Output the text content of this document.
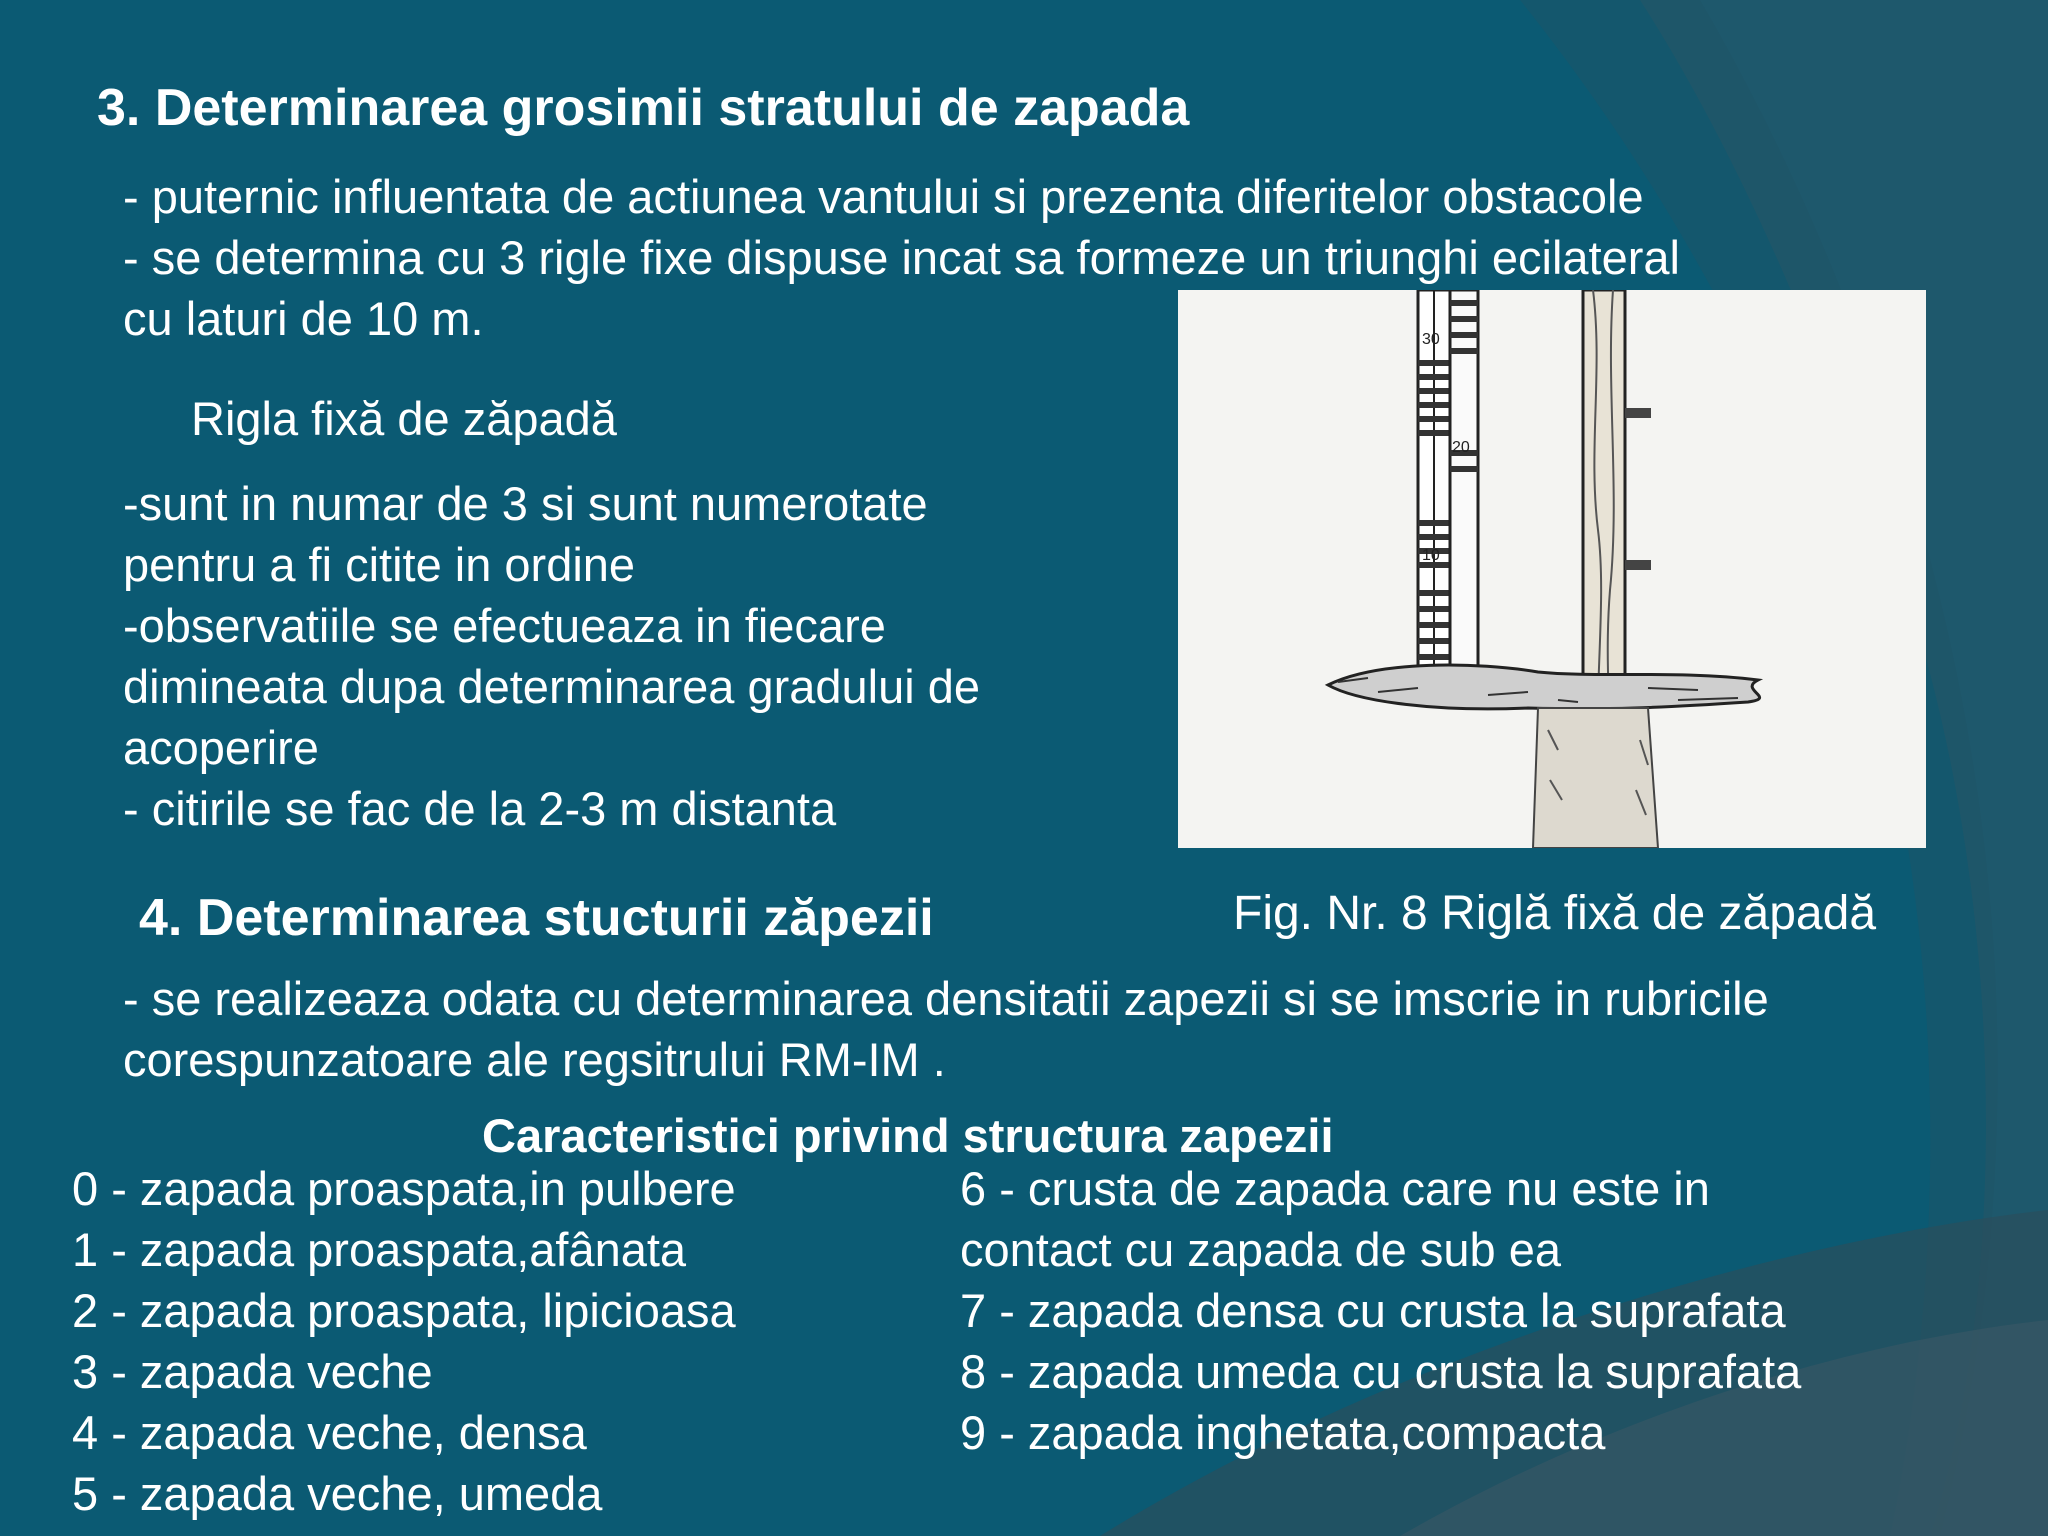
3. Determinarea grosimii stratului de zapada
- puternic influentata de actiunea vantului si prezenta diferitelor obstacole
- se determina cu 3 rigle fixe dispuse incat sa formeze un triunghi ecilateral
cu laturi de 10 m.
Rigla fixă de zăpadă
-sunt in numar de 3 si sunt numerotate
pentru a fi citite in ordine
-observatiile se efectueaza in fiecare
dimineata dupa determinarea gradului de
acoperire
- citirile se fac de la 2-3 m distanta
30
20
10
4. Determinarea stucturii zăpezii	Fig. Nr. 8 Riglă fixă de zăpadă
- se realizeaza odata cu determinarea densitatii zapezii si se imscrie in rubricile
corespunzatoare ale regsitrului RM-IM .
Caracteristici privind structura zapezii
0 - zapada proaspata,in pulbere
1 - zapada proaspata,afânata
2 - zapada proaspata, lipicioasa
3 - zapada veche
4 - zapada veche, densa
5 - zapada veche, umeda
6 - crusta de zapada care nu este in
contact cu zapada de sub ea
7 - zapada densa cu crusta la suprafata
8 - zapada umeda cu crusta la suprafata
9 - zapada inghetata,compacta
